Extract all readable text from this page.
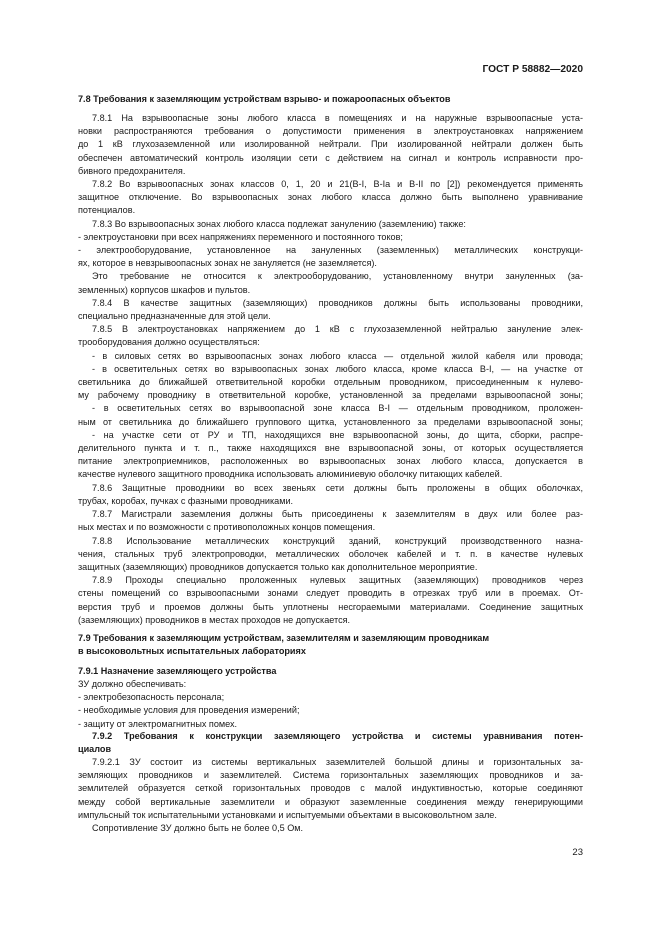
ГОСТ Р 58882—2020
7.8 Требования к заземляющим устройствам взрыво- и пожароопасных объектов
7.8.1 На взрывоопасные зоны любого класса в помещениях и на наружные взрывоопасные уста-
новки распространяются требования о допустимости применения в электроустановках напряжением
до 1 кВ глухозаземленной или изолированной нейтрали. При изолированной нейтрали должен быть
обеспечен автоматический контроль изоляции сети с действием на сигнал и контроль исправности про-
бивного предохранителя.
7.8.2 Во взрывоопасных зонах классов 0, 1, 20 и 21(В-I, В-Iа и В-II по [2]) рекомендуется применять
защитное отключение. Во взрывоопасных зонах любого класса должно быть выполнено уравнивание
потенциалов.
7.8.3 Во взрывоопасных зонах любого класса подлежат занулению (заземлению) также:
- электроустановки при всех напряжениях переменного и постоянного токов;
- электрооборудование, установленное на зануленных (заземленных) металлических конструкци-
ях, которое в невзрывоопасных зонах не зануляется (не заземляется).
Это требование не относится к электрооборудованию, установленному внутри зануленных (за-
земленных) корпусов шкафов и пультов.
7.8.4 В качестве защитных (заземляющих) проводников должны быть использованы проводники,
специально предназначенные для этой цели.
7.8.5 В электроустановках напряжением до 1 кВ с глухозаземленной нейтралью зануление элек-
трооборудования должно осуществляться:
- в силовых сетях во взрывоопасных зонах любого класса — отдельной жилой кабеля или провода;
- в осветительных сетях во взрывоопасных зонах любого класса, кроме класса В-I, — на участке от
светильника до ближайшей ответвительной коробки отдельным проводником, присоединенным к нулево-
му рабочему проводнику в ответвительной коробке, установленной за пределами взрывоопасной зоны;
- в осветительных сетях во взрывоопасной зоне класса В-I — отдельным проводником, проложен-
ным от светильника до ближайшего группового щитка, установленного за пределами взрывоопасной зоны;
- на участке сети от РУ и ТП, находящихся вне взрывоопасной зоны, до щита, сборки, распре-
делительного пункта и т. п., также находящихся вне взрывоопасной зоны, от которых осуществляется
питание электроприемников, расположенных во взрывоопасных зонах любого класса, допускается в
качестве нулевого защитного проводника использовать алюминиевую оболочку питающих кабелей.
7.8.6 Защитные проводники во всех звеньях сети должны быть проложены в общих оболочках,
трубах, коробах, пучках с фазными проводниками.
7.8.7 Магистрали заземления должны быть присоединены к заземлителям в двух или более раз-
ных местах и по возможности с противоположных концов помещения.
7.8.8 Использование металлических конструкций зданий, конструкций производственного назна-
чения, стальных труб электропроводки, металлических оболочек кабелей и т. п. в качестве нулевых
защитных (заземляющих) проводников допускается только как дополнительное мероприятие.
7.8.9 Проходы специально проложенных нулевых защитных (заземляющих) проводников через
стены помещений со взрывоопасными зонами следует проводить в отрезках труб или в проемах. От-
верстия труб и проемов должны быть уплотнены несгораемыми материалами. Соединение защитных
(заземляющих) проводников в местах проходов не допускается.
7.9 Требования к заземляющим устройствам, заземлителям и заземляющим проводникам
в высоковольтных испытательных лабораториях
7.9.1 Назначение заземляющего устройства
ЗУ должно обеспечивать:
- электробезопасность персонала;
- необходимые условия для проведения измерений;
- защиту от электромагнитных помех.
7.9.2 Требования к конструкции заземляющего устройства и системы уравнивания потен-
циалов
7.9.2.1 ЗУ состоит из системы вертикальных заземлителей большой длины и горизонтальных за-
земляющих проводников и заземлителей. Система горизонтальных заземляющих проводников и за-
землителей образуется сеткой горизонтальных проводов с малой индуктивностью, которые соединяют
между собой вертикальные заземлители и образуют заземленные соединения между генерирующими
импульсный ток испытательными установками и испытуемыми объектами в высоковольтном зале.
Сопротивление ЗУ должно быть не более 0,5 Ом.
23
